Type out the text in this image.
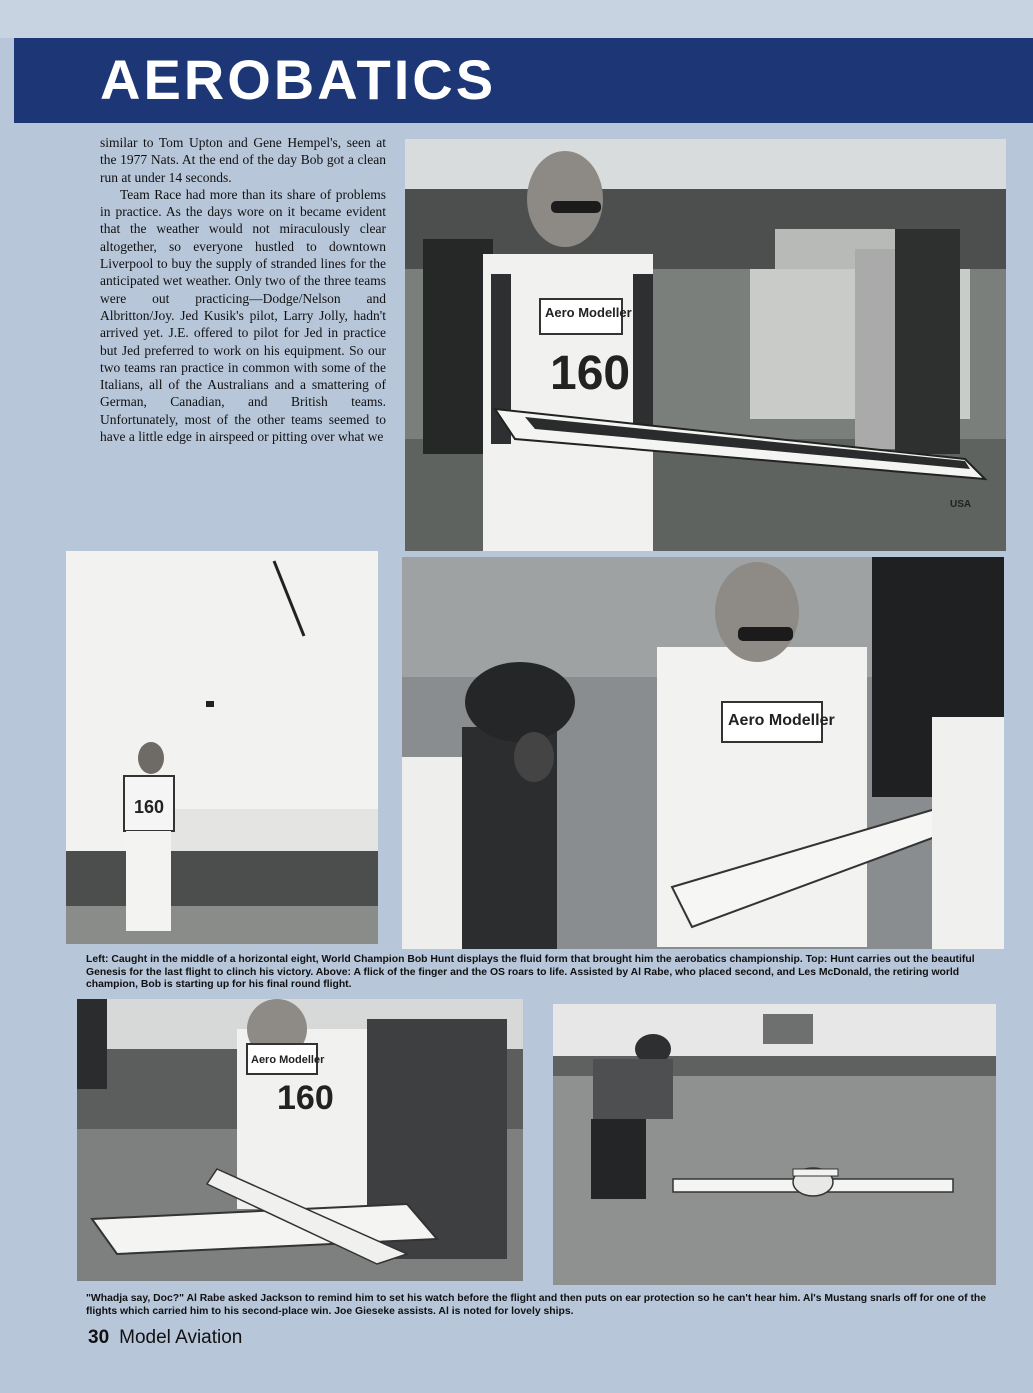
AEROBATICS

similar to Tom Upton and Gene Hempel's, seen at the 1977 Nats. At the end of the day Bob got a clean run at under 14 seconds.

Team Race had more than its share of problems in practice. As the days wore on it became evident that the weather would not miraculously clear altogether, so everyone hustled to downtown Liverpool to buy the supply of stranded lines for the anticipated wet weather. Only two of the three teams were out practicing—Dodge/Nelson and Albritton/Joy. Jed Kusik's pilot, Larry Jolly, hadn't arrived yet. J.E. offered to pilot for Jed in practice but Jed preferred to work on his equipment. So our two teams ran practice in common with some of the Italians, all of the Australians and a smattering of German, Canadian, and British teams. Unfortunately, most of the other teams seemed to have a little edge in airspeed or pitting over what we

Aero Modeller
160
USA
160
Aero Modeller
Aero Modeller
160

Left: Caught in the middle of a horizontal eight, World Champion Bob Hunt displays the fluid form that brought him the aerobatics championship. Top: Hunt carries out the beautiful Genesis for the last flight to clinch his victory. Above: A flick of the finger and the OS roars to life. Assisted by Al Rabe, who placed second, and Les McDonald, the retiring world champion, Bob is starting up for his final round flight.

"Whadja say, Doc?" Al Rabe asked Jackson to remind him to set his watch before the flight and then puts on ear protection so he can't hear him. Al's Mustang snarls off for one of the flights which carried him to his second-place win. Joe Gieseke assists. Al is noted for lovely ships.

30 Model Aviation
